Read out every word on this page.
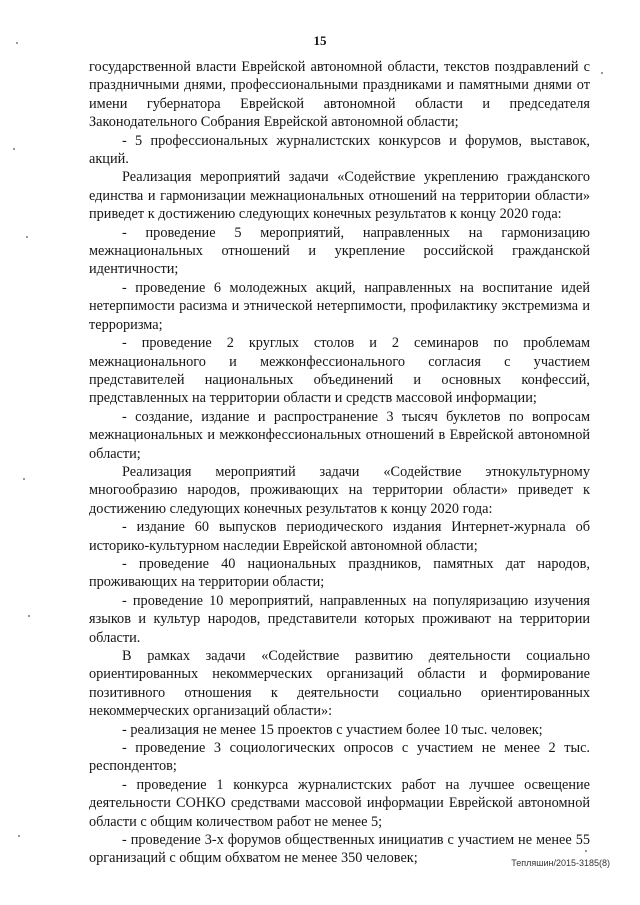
15

государственной власти Еврейской автономной области, текстов поздравлений с праздничными днями, профессиональными праздниками и памятными днями от имени губернатора Еврейской автономной области и председателя Законодательного Собрания Еврейской автономной области;

- 5 профессиональных журналистских конкурсов и форумов, выставок, акций.

Реализация мероприятий задачи «Содействие укреплению гражданского единства и гармонизации межнациональных отношений на территории области» приведет к достижению следующих конечных результатов к концу 2020 года:

- проведение 5 мероприятий, направленных на гармонизацию межнациональных отношений и укрепление российской гражданской идентичности;

- проведение 6 молодежных акций, направленных на воспитание идей нетерпимости расизма и этнической нетерпимости, профилактику экстремизма и терроризма;

- проведение 2 круглых столов и 2 семинаров по проблемам межнационального и межконфессионального согласия с участием представителей национальных объединений и основных конфессий, представленных на территории области и средств массовой информации;

- создание, издание и распространение 3 тысяч буклетов по вопросам межнациональных и межконфессиональных отношений в Еврейской автономной области;

Реализация мероприятий задачи «Содействие этнокультурному многообразию народов, проживающих на территории области» приведет к достижению следующих конечных результатов к концу 2020 года:

- издание 60 выпусков периодического издания Интернет-журнала об историко-культурном наследии Еврейской автономной области;

- проведение 40 национальных праздников, памятных дат народов, проживающих на территории области;

- проведение 10 мероприятий, направленных на популяризацию изучения языков и культур народов, представители которых проживают на территории области.

В рамках задачи «Содействие развитию деятельности социально ориентированных некоммерческих организаций области и формирование позитивного отношения к деятельности социально ориентированных некоммерческих организаций области»:

- реализация не менее 15 проектов с участием более 10 тыс. человек;

- проведение 3 социологических опросов с участием не менее 2 тыс. респондентов;

- проведение 1 конкурса журналистских работ на лучшее освещение деятельности СОНКО средствами массовой информации Еврейской автономной области с общим количеством работ не менее 5;

- проведение 3-х форумов общественных инициатив с участием не менее 55 организаций с общим обхватом не менее 350 человек;	Тепляшин/2015-3185(8)
